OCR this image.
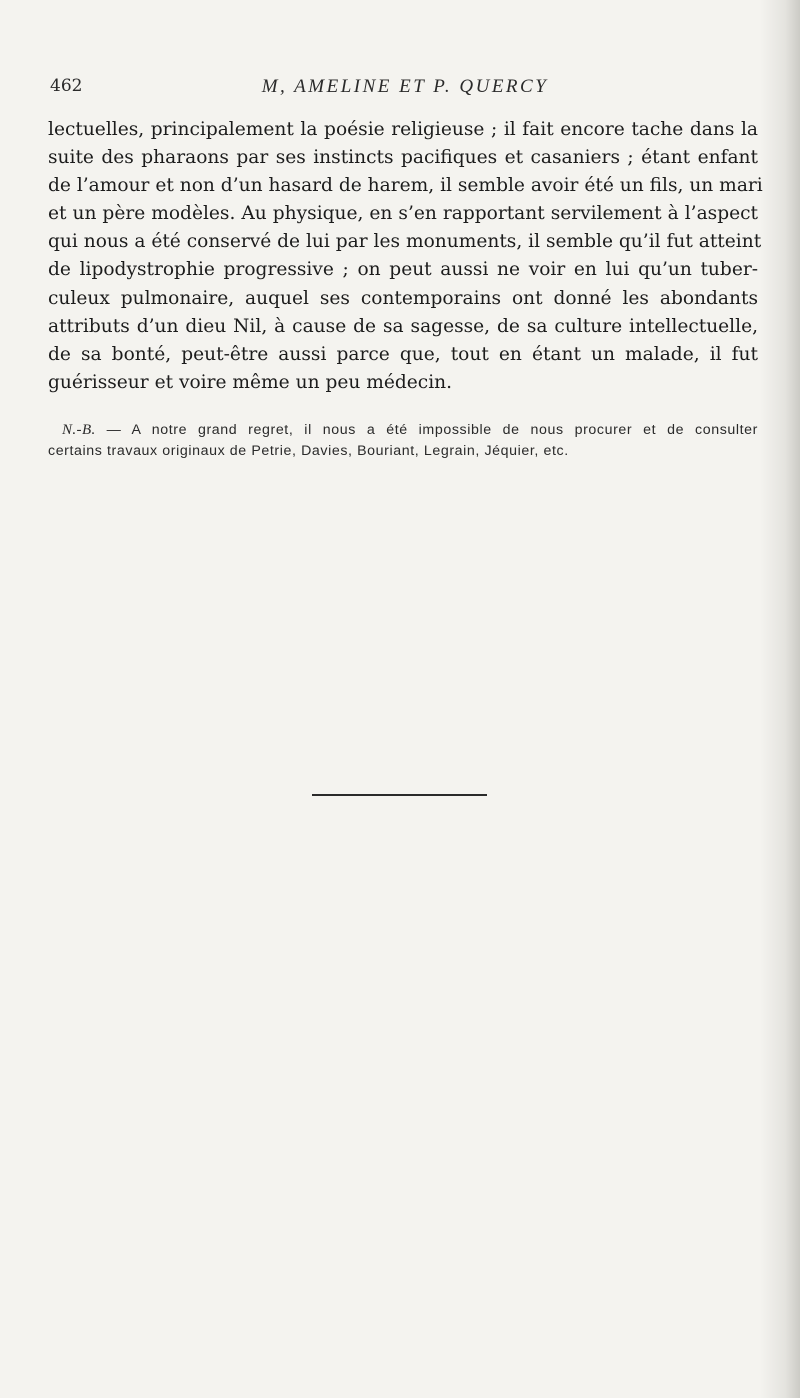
462	M, AMELINE ET P. QUERCY
lectuelles, principalement la poésie religieuse ; il fait encore tache dans la
suite des pharaons par ses instincts pacifiques et casaniers ; étant enfant
de l’amour et non d’un hasard de harem, il semble avoir été un fils, un mari
et un père modèles. Au physique, en s’en rapportant servilement à l’aspect
qui nous a été conservé de lui par les monuments, il semble qu’il fut atteint
de lipodystrophie progressive ; on peut aussi ne voir en lui qu’un tuber-
culeux pulmonaire, auquel ses contemporains ont donné les abondants
attributs d’un dieu Nil, à cause de sa sagesse, de sa culture intellectuelle,
de sa bonté, peut-être aussi parce que, tout en étant un malade, il fut
guérisseur et voire même un peu médecin.
N.-B. — A notre grand regret, il nous a été impossible de nous procurer et de consulter
certains travaux originaux de Petrie, Davies, Bouriant, Legrain, Jéquier, etc.
